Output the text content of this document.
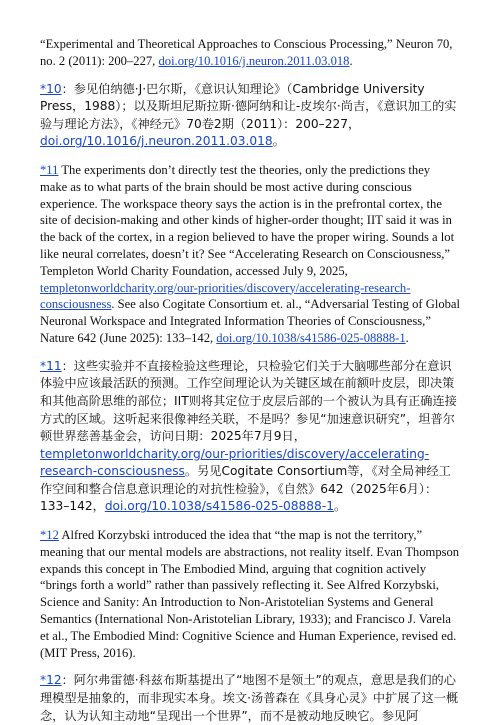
“Experimental and Theoretical Approaches to Conscious Processing,” Neuron 70, no. 2 (2011): 200–227, doi.org/10.1016/j.neuron.2011.03.018.

*10：参见伯纳德·J·巴尔斯，《意识认知理论》（Cambridge University Press，1988）；以及斯坦尼斯拉斯·德阿纳和让-皮埃尔·尚吉，《意识加工的实验与理论方法》，《神经元》70卷2期（2011）：200–227，doi.org/10.1016/j.neuron.2011.03.018。

*11 The experiments don’t directly test the theories, only the predictions they make as to what parts of the brain should be most active during conscious experience. The workspace theory says the action is in the prefrontal cortex, the site of decision-making and other kinds of higher-order thought; IIT said it was in the back of the cortex, in a region believed to have the proper wiring. Sounds a lot like neural correlates, doesn’t it? See “Accelerating Research on Consciousness,” Templeton World Charity Foundation, accessed July 9, 2025, templetonworldcharity.org/our-priorities/discovery/accelerating-research-consciousness. See also Cogitate Consortium et. al., “Adversarial Testing of Global Neuronal Workspace and Integrated Information Theories of Consciousness,” Nature 642 (June 2025): 133–142, doi.org/10.1038/s41586-025-08888-1.

*11：这些实验并不直接检验这些理论，只检验它们关于大脑哪些部分在意识体验中应该最活跃的预测。工作空间理论认为关键区域在前额叶皮层，即决策和其他高阶思维的部位；IIT则将其定位于皮层后部的一个被认为具有正确连接方式的区域。这听起来很像神经关联，不是吗？参见“加速意识研究”，坦普尔顿世界慈善基金会，访问日期：2025年7月9日，templetonworldcharity.org/our-priorities/discovery/accelerating-research-consciousness。另见Cogitate Consortium等，《对全局神经工作空间和整合信息意识理论的对抗性检验》，《自然》642（2025年6月）：133–142，doi.org/10.1038/s41586-025-08888-1。

*12 Alfred Korzybski introduced the idea that “the map is not the territory,” meaning that our mental models are abstractions, not reality itself. Evan Thompson expands this concept in The Embodied Mind, arguing that cognition actively “brings forth a world” rather than passively reflecting it. See Alfred Korzybski, Science and Sanity: An Introduction to Non-Aristotelian Systems and General Semantics (International Non-Aristotelian Library, 1933); and Francisco J. Varela et al., The Embodied Mind: Cognitive Science and Human Experience, revised ed. (MIT Press, 2016).

*12：阿尔弗雷德·科兹布斯基提出了“地图不是领土”的观点，意思是我们的心理模型是抽象的，而非现实本身。埃文·汤普森在《具身心灵》中扩展了这一概念，认为认知主动地“呈现出一个世界”，而不是被动地反映它。参见阿
